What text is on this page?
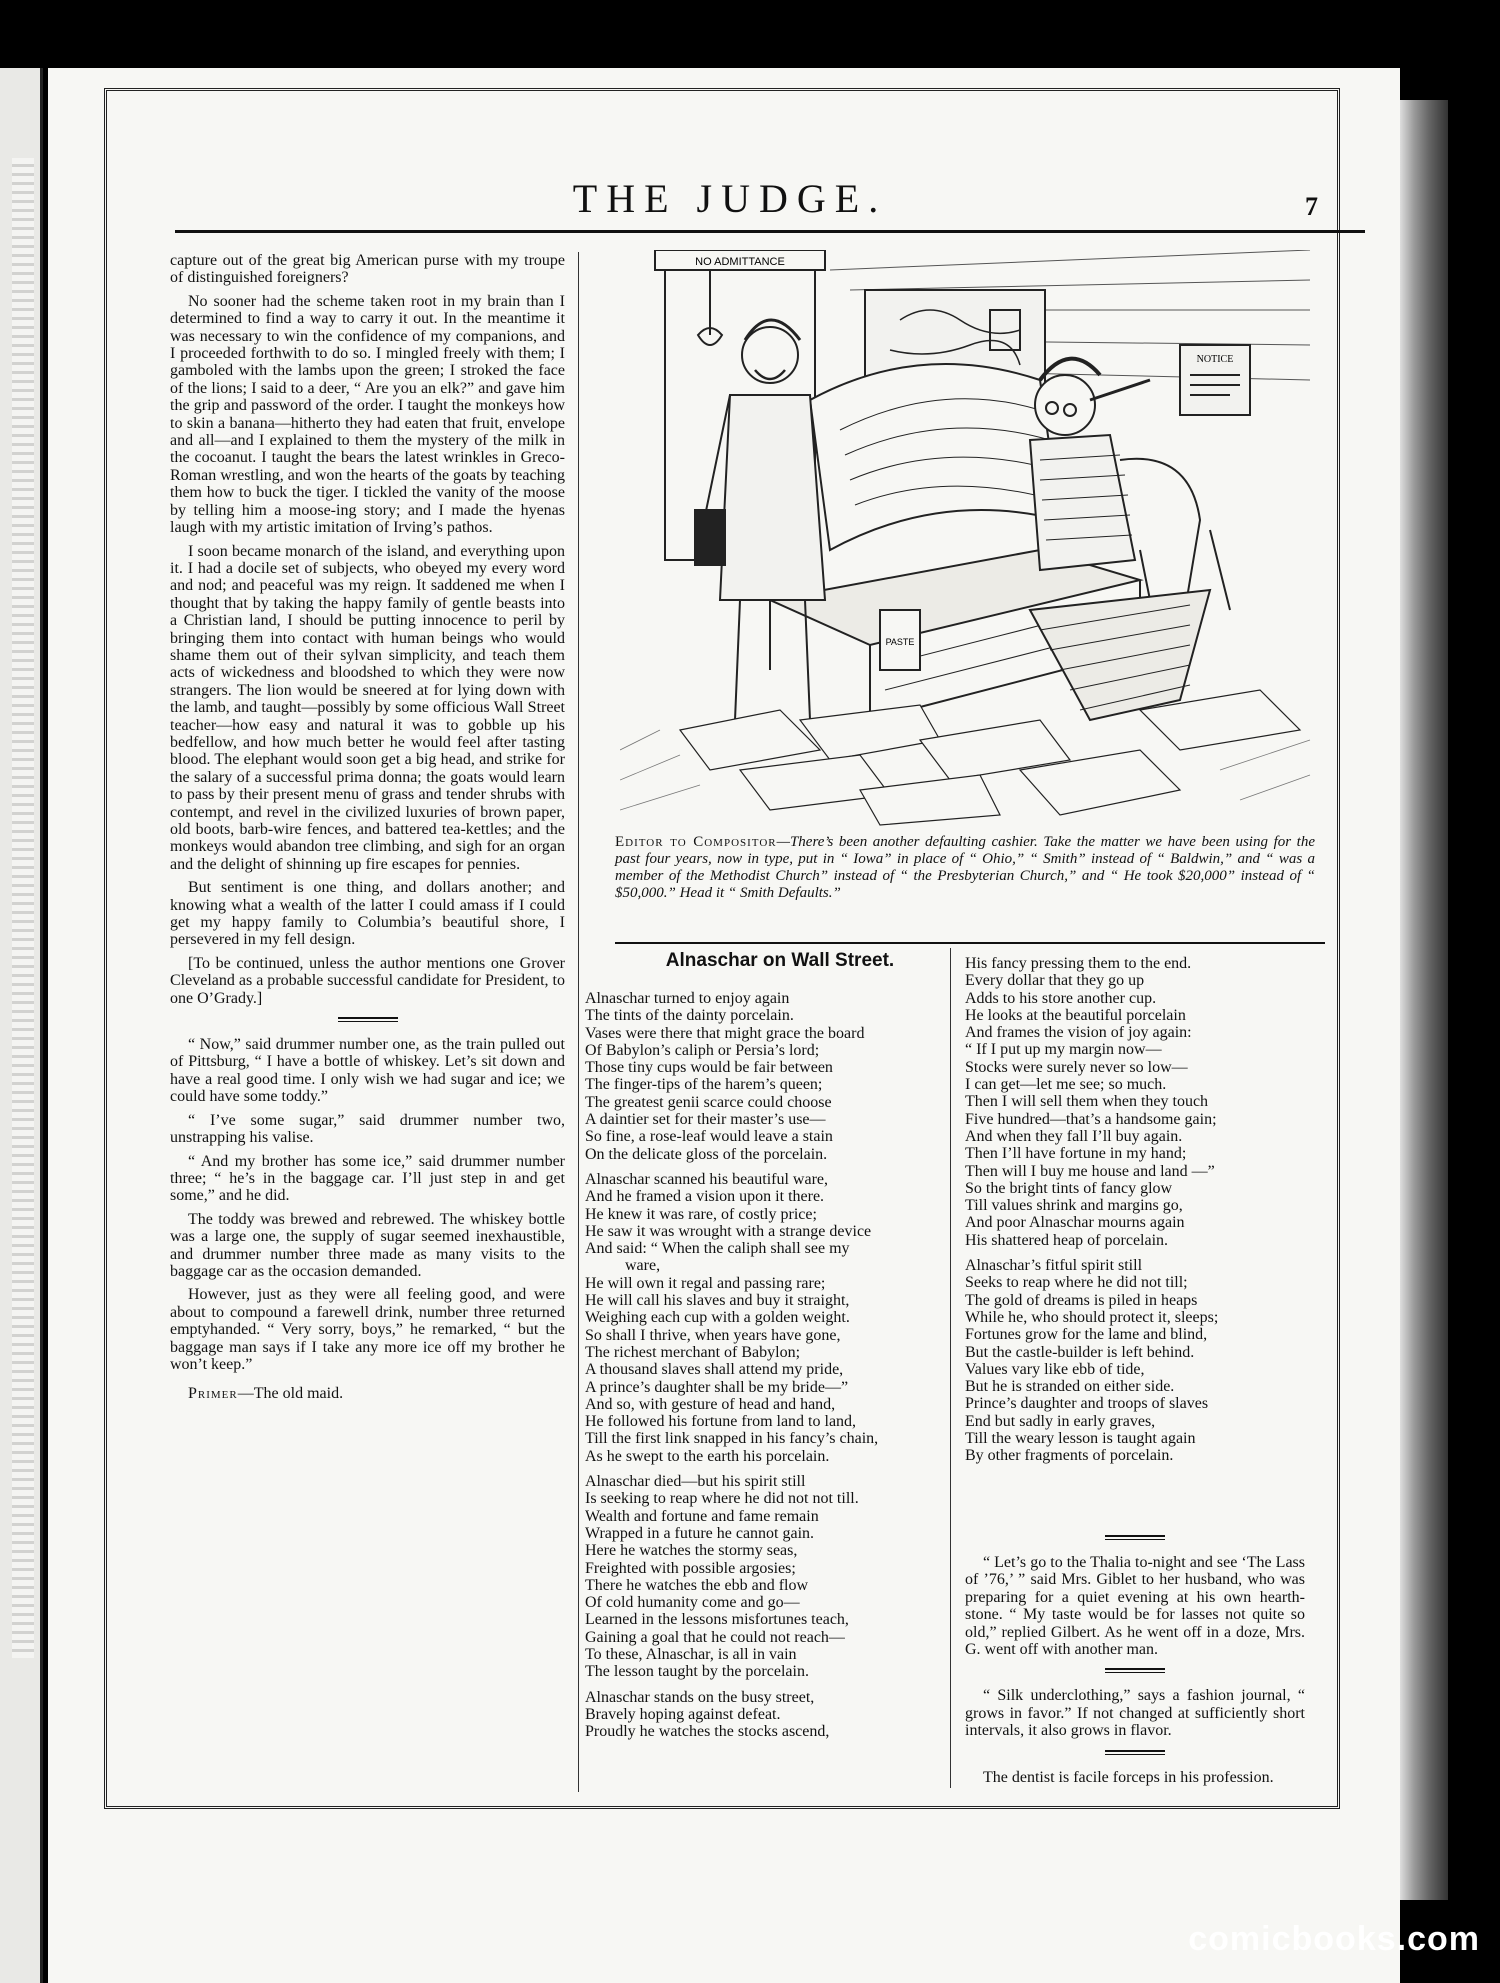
THE JUDGE.	7

capture out of the great big American purse with my troupe of distinguished foreigners?

No sooner had the scheme taken root in my brain than I determined to find a way to carry it out. In the meantime it was necessary to win the confidence of my companions, and I proceeded forthwith to do so. I mingled freely with them; I gamboled with the lambs upon the green; I stroked the face of the lions; I said to a deer, “ Are you an elk?” and gave him the grip and password of the order. I taught the monkeys how to skin a banana—hitherto they had eaten that fruit, envelope and all—and I explained to them the mystery of the milk in the cocoanut. I taught the bears the latest wrinkles in Greco-Roman wrestling, and won the hearts of the goats by teaching them how to buck the tiger. I tickled the vanity of the moose by telling him a moose-ing story; and I made the hyenas laugh with my artistic imitation of Irving’s pathos.

I soon became monarch of the island, and everything upon it. I had a docile set of subjects, who obeyed my every word and nod; and peaceful was my reign. It saddened me when I thought that by taking the happy family of gentle beasts into a Christian land, I should be putting innocence to peril by bringing them into contact with human beings who would shame them out of their sylvan simplicity, and teach them acts of wickedness and bloodshed to which they were now strangers. The lion would be sneered at for lying down with the lamb, and taught—possibly by some officious Wall Street teacher—how easy and natural it was to gobble up his bedfellow, and how much better he would feel after tasting blood. The elephant would soon get a big head, and strike for the salary of a successful prima donna; the goats would learn to pass by their present menu of grass and tender shrubs with contempt, and revel in the civilized luxuries of brown paper, old boots, barb-wire fences, and battered tea-kettles; and the monkeys would abandon tree climbing, and sigh for an organ and the delight of shinning up fire escapes for pennies.

But sentiment is one thing, and dollars another; and knowing what a wealth of the latter I could amass if I could get my happy family to Columbia’s beautiful shore, I persevered in my fell design.

[To be continued, unless the author mentions one Grover Cleveland as a probable successful candidate for President, to one O’Grady.]

“ Now,” said drummer number one, as the train pulled out of Pittsburg, “ I have a bottle of whiskey. Let’s sit down and have a real good time. I only wish we had sugar and ice; we could have some toddy.”

“ I’ve some sugar,” said drummer number two, unstrapping his valise.

“ And my brother has some ice,” said drummer number three; “ he’s in the baggage car. I’ll just step in and get some,” and he did.

The toddy was brewed and rebrewed. The whiskey bottle was a large one, the supply of sugar seemed inexhaustible, and drummer number three made as many visits to the baggage car as the occasion demanded.

However, just as they were all feeling good, and were about to compound a farewell drink, number three returned emptyhanded. “ Very sorry, boys,” he remarked, “ but the baggage man says if I take any more ice off my brother he won’t keep.”

Primer—The old maid.

NO ADMITTANCE
PASTE
NOTICE
Editor to Compositor—There’s been another defaulting cashier. Take the matter we have been using for the past four years, now in type, put in “ Iowa” in place of “ Ohio,” “ Smith” instead of “ Baldwin,” and “ was a member of the Methodist Church” instead of “ the Presbyterian Church,” and “ He took $20,000” instead of “ $50,000.” Head it “ Smith Defaults.”
Alnaschar on Wall Street.
Alnaschar turned to enjoy again
The tints of the dainty porcelain.
Vases were there that might grace the board
Of Babylon’s caliph or Persia’s lord;
Those tiny cups would be fair between
The finger-tips of the harem’s queen;
The greatest genii scarce could choose
A daintier set for their master’s use—
So fine, a rose-leaf would leave a stain
On the delicate gloss of the porcelain.
Alnaschar scanned his beautiful ware,
And he framed a vision upon it there.
He knew it was rare, of costly price;
He saw it was wrought with a strange device
And said: “ When the caliph shall see my
ware,
He will own it regal and passing rare;
He will call his slaves and buy it straight,
Weighing each cup with a golden weight.
So shall I thrive, when years have gone,
The richest merchant of Babylon;
A thousand slaves shall attend my pride,
A prince’s daughter shall be my bride—”
And so, with gesture of head and hand,
He followed his fortune from land to land,
Till the first link snapped in his fancy’s chain,
As he swept to the earth his porcelain.
Alnaschar died—but his spirit still
Is seeking to reap where he did not not till.
Wealth and fortune and fame remain
Wrapped in a future he cannot gain.
Here he watches the stormy seas,
Freighted with possible argosies;
There he watches the ebb and flow
Of cold humanity come and go—
Learned in the lessons misfortunes teach,
Gaining a goal that he could not reach—
To these, Alnaschar, is all in vain
The lesson taught by the porcelain.
Alnaschar stands on the busy street,
Bravely hoping against defeat.
Proudly he watches the stocks ascend,
His fancy pressing them to the end.
Every dollar that they go up
Adds to his store another cup.
He looks at the beautiful porcelain
And frames the vision of joy again:
“ If I put up my margin now—
Stocks were surely never so low—
I can get—let me see; so much.
Then I will sell them when they touch
Five hundred—that’s a handsome gain;
And when they fall I’ll buy again.
Then I’ll have fortune in my hand;
Then will I buy me house and land —”
So the bright tints of fancy glow
Till values shrink and margins go,
And poor Alnaschar mourns again
His shattered heap of porcelain.
Alnaschar’s fitful spirit still
Seeks to reap where he did not till;
The gold of dreams is piled in heaps
While he, who should protect it, sleeps;
Fortunes grow for the lame and blind,
But the castle-builder is left behind.
Values vary like ebb of tide,
But he is stranded on either side.
Prince’s daughter and troops of slaves
End but sadly in early graves,
Till the weary lesson is taught again
By other fragments of porcelain.

“ Let’s go to the Thalia to-night and see ‘The Lass of ’76,’ ” said Mrs. Giblet to her husband, who was preparing for a quiet evening at his own hearth-stone. “ My taste would be for lasses not quite so old,” replied Gilbert. As he went off in a doze, Mrs. G. went off with another man.

“ Silk underclothing,” says a fashion journal, “ grows in favor.” If not changed at sufficiently short intervals, it also grows in flavor.

The dentist is facile forceps in his profession.

comicbooks.com
